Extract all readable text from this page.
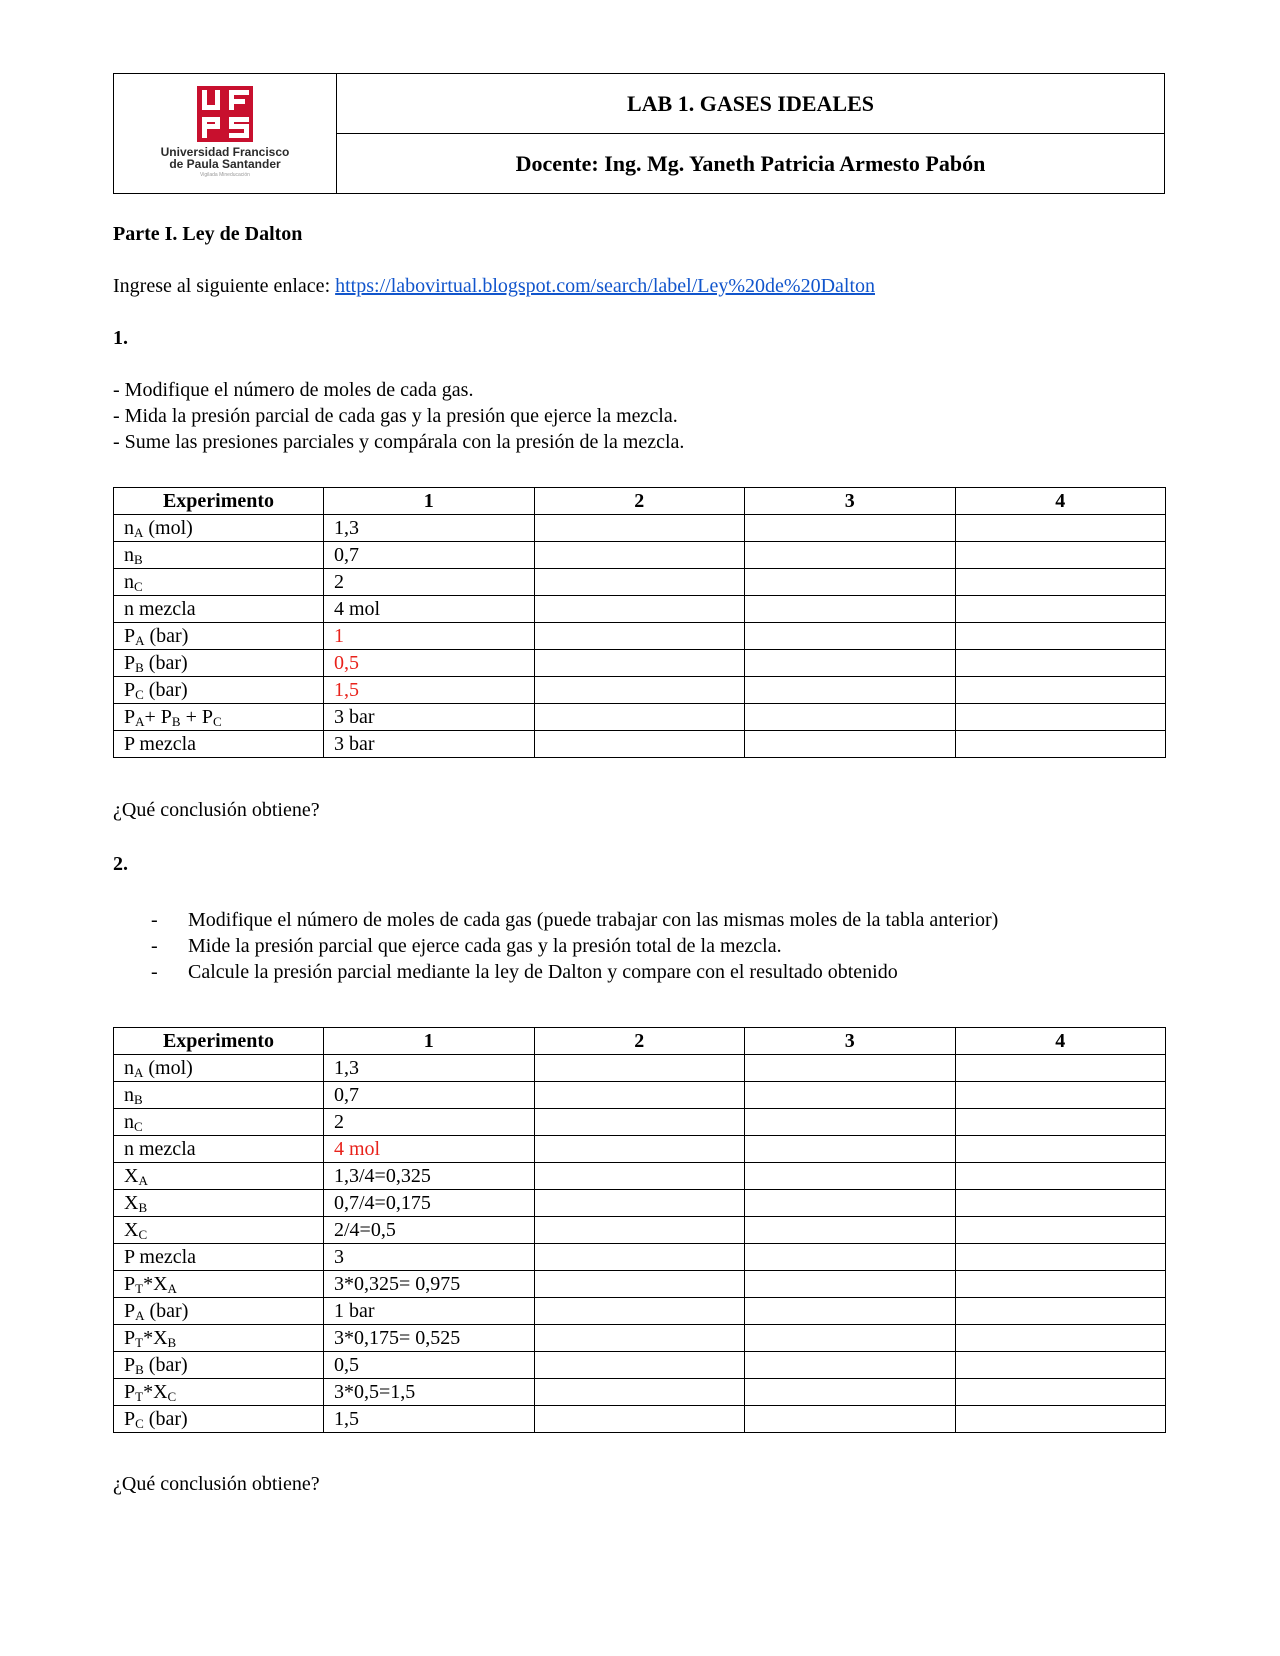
Universidad Francisco
de Paula Santander
Vigilada Mineducación
	LAB 1. GASES IDEALES
Docente: Ing. Mg. Yaneth Patricia Armesto Pabón
Parte I. Ley de Dalton
Ingrese al siguiente enlace: https://labovirtual.blogspot.com/search/label/Ley%20de%20Dalton
1.
- Modifique el número de moles de cada gas.
- Mida la presión parcial de cada gas y la presión que ejerce la mezcla.
- Sume las presiones parciales y compárala con la presión de la mezcla.
Experimento	1	2	3	4
$n_A$ (mol)	1,3			
$n_B$	0,7			
$n_C$	2			
n mezcla	4 mol			
$P_A$ (bar)	1			
$P_B$ (bar)	0,5			
$P_C$ (bar)	1,5			
$P_A+ P_B + P_C$	3 bar			
P mezcla	3 bar			
¿Qué conclusión obtiene?
2.
- Modifique el número de moles de cada gas (puede trabajar con las mismas moles de la tabla anterior)
- Mide la presión parcial que ejerce cada gas y la presión total de la mezcla.
- Calcule la presión parcial mediante la ley de Dalton y compare con el resultado obtenido
Experimento	1	2	3	4
$n_A$ (mol)	1,3			
$n_B$	0,7			
$n_C$	2			
n mezcla	4 mol			
$X_A$	1,3/4=0,325			
$X_B$	0,7/4=0,175			
$X_C$	2/4=0,5			
P mezcla	3			
$P_T*X_A$	3*0,325= 0,975			
$P_A$ (bar)	1 bar			
$P_T*X_B$	3*0,175= 0,525			
$P_B$ (bar)	0,5			
$P_T*X_C$	3*0,5=1,5			
$P_C$ (bar)	1,5			
¿Qué conclusión obtiene?
